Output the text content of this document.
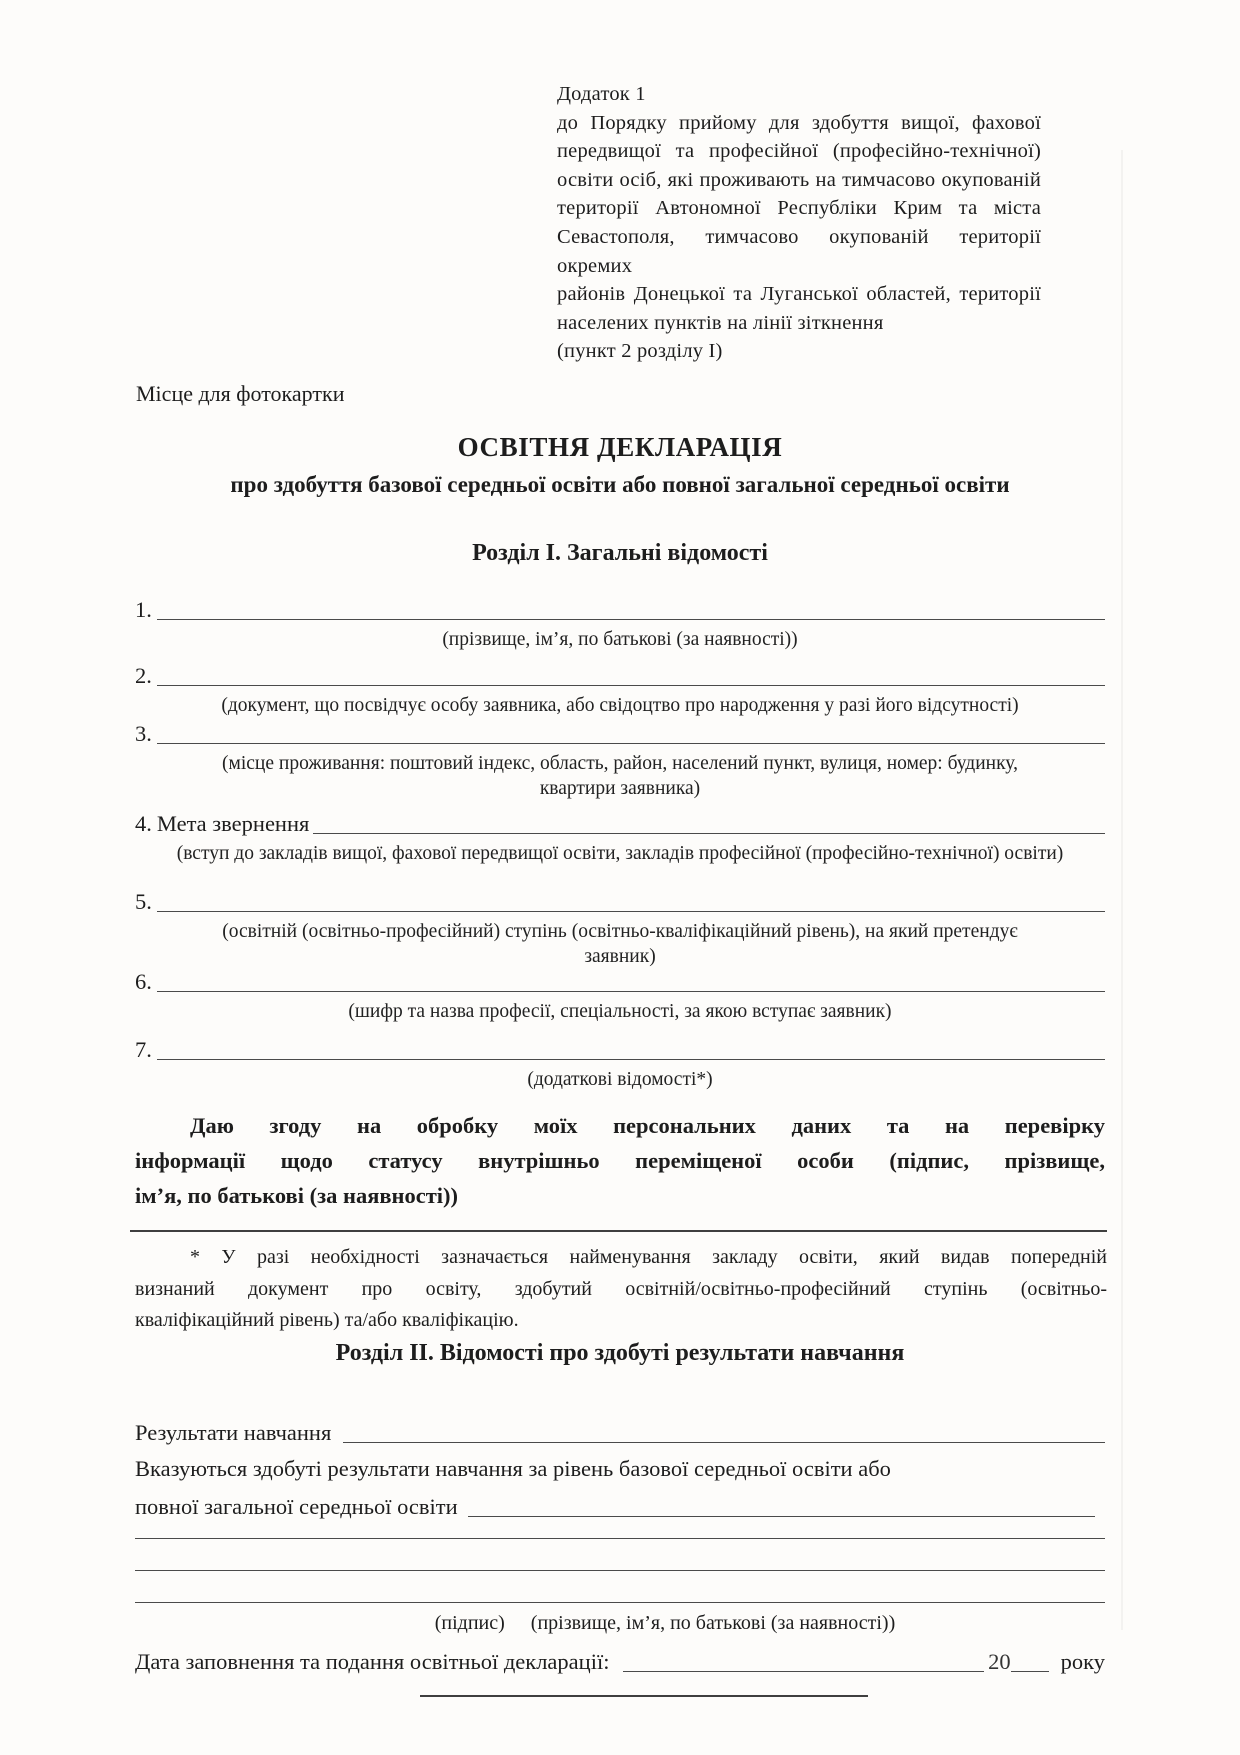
Додаток 1
до Порядку прийому для здобуття вищої, фахової
передвищої та професійної (професійно-технічної)
освіти осіб, які проживають на тимчасово окупованій
території Автономної Республіки Крим та міста
Севастополя, тимчасово окупованій території окремих
районів Донецької та Луганської областей, території
населених пунктів на лінії зіткнення
(пункт 2 розділу I)
Місце для фотокартки
ОСВІТНЯ ДЕКЛАРАЦІЯ
про здобуття базової середньої освіти або повної загальної середньої освіти
Розділ I. Загальні відомості
1.
(прізвище, ім’я, по батькові (за наявності))
2.
(документ, що посвідчує особу заявника, або свідоцтво про народження у разі його відсутності)
3.
(місце проживання: поштовий індекс, область, район, населений пункт, вулиця, номер: будинку,
квартири заявника)
4. Мета звернення
(вступ до закладів вищої, фахової передвищої освіти, закладів професійної (професійно-технічної) освіти)
5.
(освітній (освітньо-професійний) ступінь (освітньо-кваліфікаційний рівень), на який претендує
заявник)
6.
(шифр та назва професії, спеціальності, за якою вступає заявник)
7.
(додаткові відомості*)
Даю згоду на обробку моїх персональних даних та на перевірку
інформації щодо статусу внутрішньо переміщеної особи (підпис, прізвище,
ім’я, по батькові (за наявності))
* У разі необхідності зазначається найменування закладу освіти, який видав попередній
визнаний документ про освіту, здобутий освітній/освітньо-професійний ступінь (освітньо-
кваліфікаційний рівень) та/або кваліфікацію.
Розділ II. Відомості про здобуті результати навчання
Результати навчання
Вказуються здобуті результати навчання за рівень базової середньої освіти або
повної загальної середньої освіти
(підпис) (прізвище, ім’я, по батькові (за наявності))
Дата заповнення та подання освітньої декларації:	20 року
